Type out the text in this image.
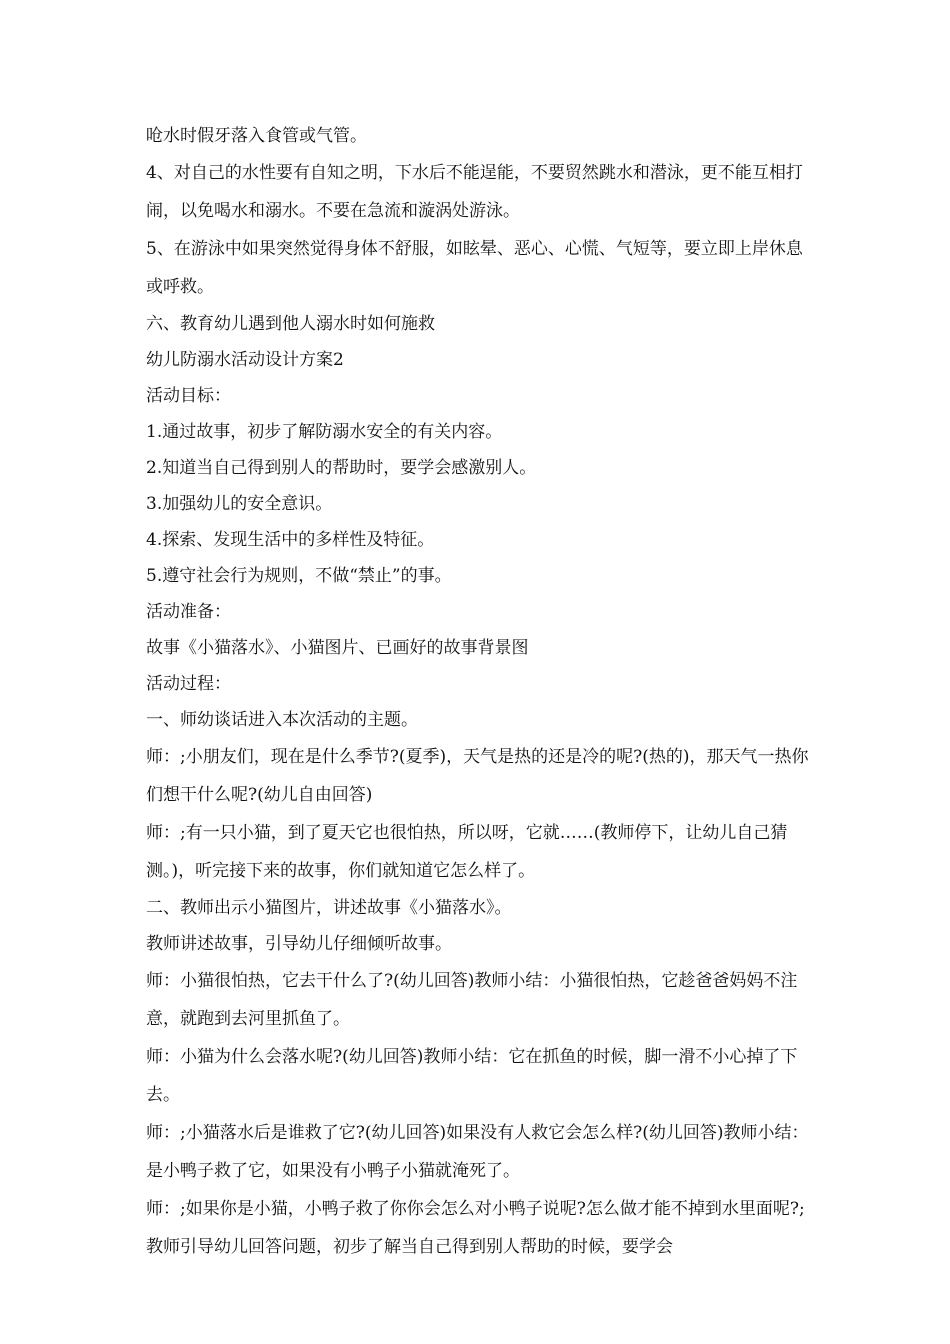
呛水时假牙落入食管或气管。

4、对自己的水性要有自知之明，下水后不能逞能，不要贸然跳水和潜泳，更不能互相打闹，以免喝水和溺水。不要在急流和漩涡处游泳。

5、在游泳中如果突然觉得身体不舒服，如眩晕、恶心、心慌、气短等，要立即上岸休息或呼救。

六、教育幼儿遇到他人溺水时如何施救

幼儿防溺水活动设计方案2

活动目标：

1.通过故事，初步了解防溺水安全的有关内容。

2.知道当自己得到别人的帮助时，要学会感激别人。

3.加强幼儿的安全意识。

4.探索、发现生活中的多样性及特征。

5.遵守社会行为规则，不做“禁止”的事。

活动准备：

故事《小猫落水》、小猫图片、已画好的故事背景图

活动过程：

一、师幼谈话进入本次活动的主题。

师：;小朋友们，现在是什么季节?(夏季)，天气是热的还是冷的呢?(热的)，那天气一热你们想干什么呢?(幼儿自由回答)

师：;有一只小猫，到了夏天它也很怕热，所以呀，它就……(教师停下，让幼儿自己猜测。)，听完接下来的故事，你们就知道它怎么样了。

二、教师出示小猫图片，讲述故事《小猫落水》。

教师讲述故事，引导幼儿仔细倾听故事。

师：小猫很怕热，它去干什么了?(幼儿回答)教师小结：小猫很怕热，它趁爸爸妈妈不注意，就跑到去河里抓鱼了。

师：小猫为什么会落水呢?(幼儿回答)教师小结：它在抓鱼的时候，脚一滑不小心掉了下去。

师：;小猫落水后是谁救了它?(幼儿回答)如果没有人救它会怎么样?(幼儿回答)教师小结：是小鸭子救了它，如果没有小鸭子小猫就淹死了。

师：;如果你是小猫，小鸭子救了你你会怎么对小鸭子说呢?怎么做才能不掉到水里面呢?;教师引导幼儿回答问题，初步了解当自己得到别人帮助的时候，要学会
